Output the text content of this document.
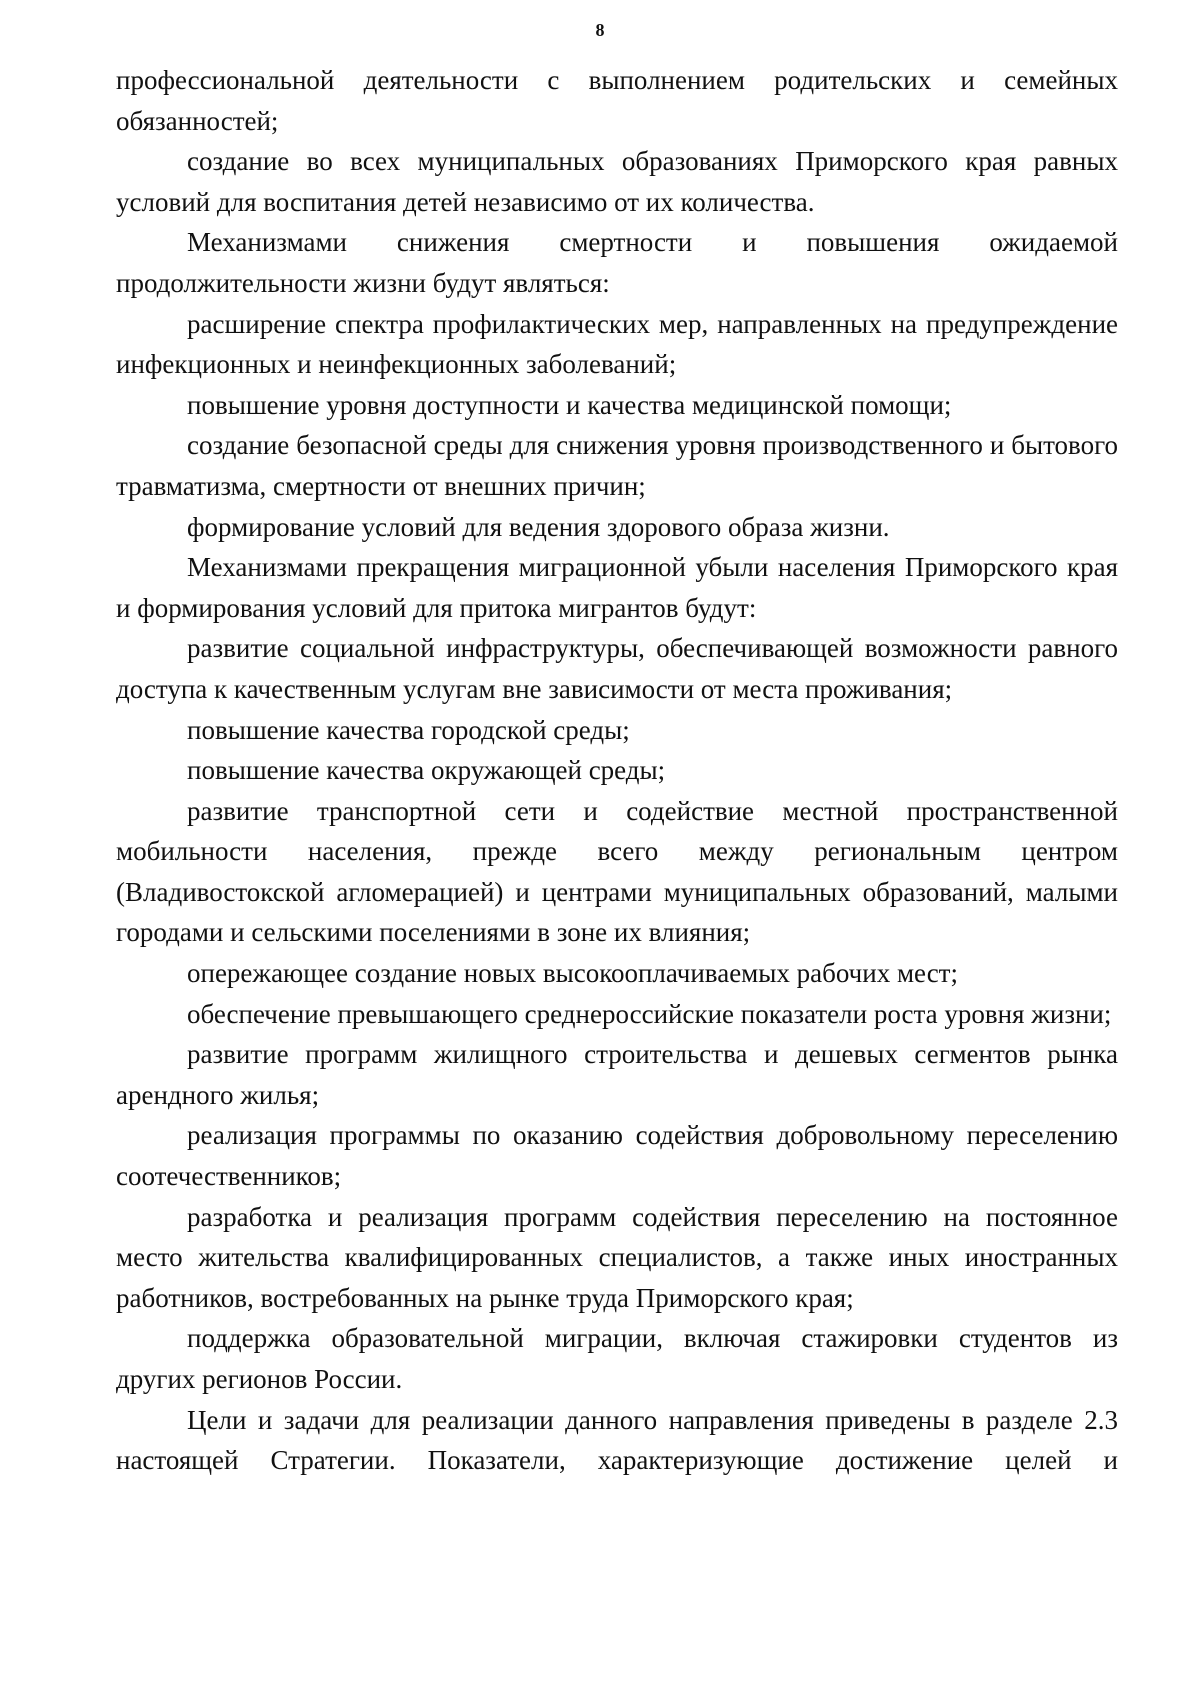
8

профессиональной деятельности с выполнением родительских и семейных обязанностей;

создание во всех муниципальных образованиях Приморского края равных условий для воспитания детей независимо от их количества.

Механизмами снижения смертности и повышения ожидаемой продолжительности жизни будут являться:

расширение спектра профилактических мер, направленных на предупреждение инфекционных и неинфекционных заболеваний;

повышение уровня доступности и качества медицинской помощи;

создание безопасной среды для снижения уровня производственного и бытового травматизма, смертности от внешних причин;

формирование условий для ведения здорового образа жизни.

Механизмами прекращения миграционной убыли населения Приморского края и формирования условий для притока мигрантов будут:

развитие социальной инфраструктуры, обеспечивающей возможности равного доступа к качественным услугам вне зависимости от места проживания;

повышение качества городской среды;

повышение качества окружающей среды;

развитие транспортной сети и содействие местной пространственной мобильности населения, прежде всего между региональным центром (Владивостокской агломерацией) и центрами муниципальных образований, малыми городами и сельскими поселениями в зоне их влияния;

опережающее создание новых высокооплачиваемых рабочих мест;

обеспечение превышающего среднероссийские показатели роста уровня жизни;

развитие программ жилищного строительства и дешевых сегментов рынка арендного жилья;

реализация программы по оказанию содействия добровольному переселению соотечественников;

разработка и реализация программ содействия переселению на постоянное место жительства квалифицированных специалистов, а также иных иностранных работников, востребованных на рынке труда Приморского края;

поддержка образовательной миграции, включая стажировки студентов из других регионов России.

Цели и задачи для реализации данного направления приведены в разделе 2.3 настоящей Стратегии. Показатели, характеризующие достижение целей и
